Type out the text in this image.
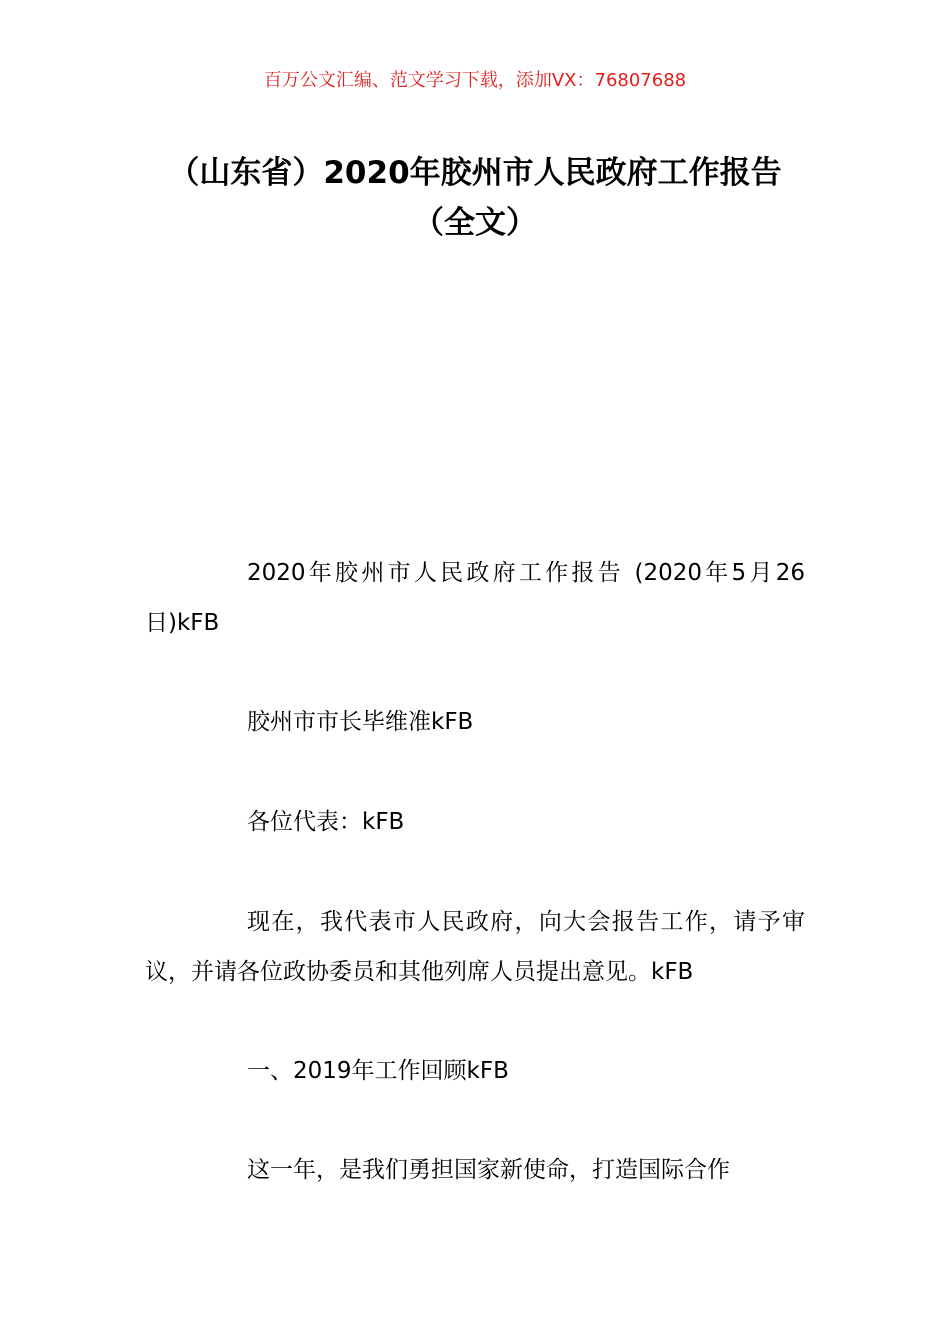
百万公文汇编、范文学习下载，添加VX：76807688
（山东省）2020年胶州市人民政府工作报告（全文）

2020年胶州市人民政府工作报告 (2020年5月26日)kFB

胶州市市长毕维准kFB

各位代表：kFB

现在，我代表市人民政府，向大会报告工作，请予审议，并请各位政协委员和其他列席人员提出意见。kFB

一、2019年工作回顾kFB

这一年，是我们勇担国家新使命，打造国际合作
